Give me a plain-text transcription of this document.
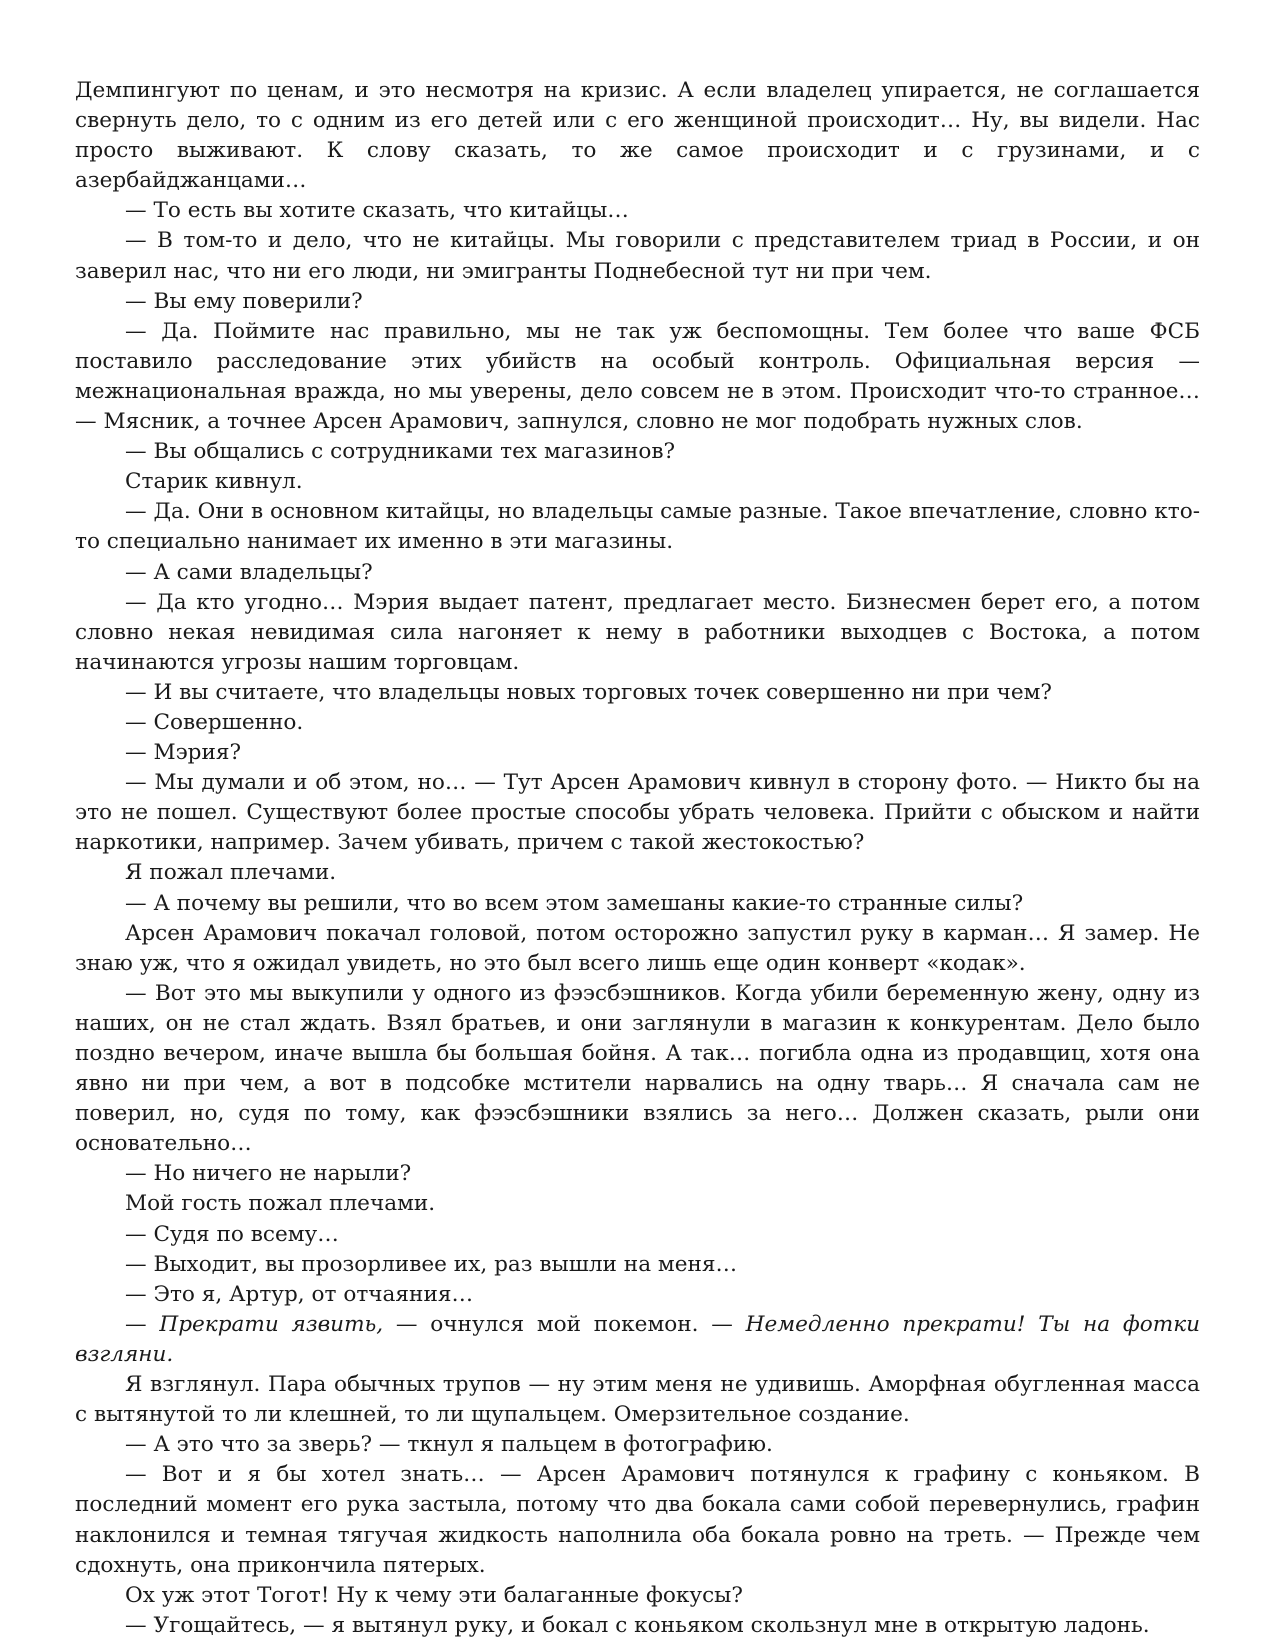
Демпингуют по ценам, и это несмотря на кризис. А если владелец упирается, не соглашается свернуть дело, то с одним из его детей или с его женщиной происходит… Ну, вы видели. Нас просто выживают. К слову сказать, то же самое происходит и с грузинами, и с азербайджанцами…

— То есть вы хотите сказать, что китайцы…

— В том-то и дело, что не китайцы. Мы говорили с представителем триад в России, и он заверил нас, что ни его люди, ни эмигранты Поднебесной тут ни при чем.

— Вы ему поверили?

— Да. Поймите нас правильно, мы не так уж беспомощны. Тем более что ваше ФСБ поставило расследование этих убийств на особый контроль. Официальная версия — межнациональная вражда, но мы уверены, дело совсем не в этом. Происходит что-то странное… — Мясник, а точнее Арсен Арамович, запнулся, словно не мог подобрать нужных слов.

— Вы общались с сотрудниками тех магазинов?

Старик кивнул.

— Да. Они в основном китайцы, но владельцы самые разные. Такое впечатление, словно кто-то специально нанимает их именно в эти магазины.

— А сами владельцы?

— Да кто угодно… Мэрия выдает патент, предлагает место. Бизнесмен берет его, а потом словно некая невидимая сила нагоняет к нему в работники выходцев с Востока, а потом начинаются угрозы нашим торговцам.

— И вы считаете, что владельцы новых торговых точек совершенно ни при чем?

— Совершенно.

— Мэрия?

— Мы думали и об этом, но… — Тут Арсен Арамович кивнул в сторону фото. — Никто бы на это не пошел. Существуют более простые способы убрать человека. Прийти с обыском и найти наркотики, например. Зачем убивать, причем с такой жестокостью?

Я пожал плечами.

— А почему вы решили, что во всем этом замешаны какие-то странные силы?

Арсен Арамович покачал головой, потом осторожно запустил руку в карман… Я замер. Не знаю уж, что я ожидал увидеть, но это был всего лишь еще один конверт «кодак».

— Вот это мы выкупили у одного из фээсбэшников. Когда убили беременную жену, одну из наших, он не стал ждать. Взял братьев, и они заглянули в магазин к конкурентам. Дело было поздно вечером, иначе вышла бы большая бойня. А так… погибла одна из продавщиц, хотя она явно ни при чем, а вот в подсобке мстители нарвались на одну тварь… Я сначала сам не поверил, но, судя по тому, как фээсбэшники взялись за него… Должен сказать, рыли они основательно…

— Но ничего не нарыли?

Мой гость пожал плечами.

— Судя по всему…

— Выходит, вы прозорливее их, раз вышли на меня…

— Это я, Артур, от отчаяния…

— Прекрати язвить, — очнулся мой покемон. — Немедленно прекрати! Ты на фотки взгляни.

Я взглянул. Пара обычных трупов — ну этим меня не удивишь. Аморфная обугленная масса с вытянутой то ли клешней, то ли щупальцем. Омерзительное создание.

— А это что за зверь? — ткнул я пальцем в фотографию.

— Вот и я бы хотел знать… — Арсен Арамович потянулся к графину с коньяком. В последний момент его рука застыла, потому что два бокала сами собой перевернулись, графин наклонился и темная тягучая жидкость наполнила оба бокала ровно на треть. — Прежде чем сдохнуть, она прикончила пятерых.

Ох уж этот Тогот! Ну к чему эти балаганные фокусы?

— Угощайтесь, — я вытянул руку, и бокал с коньяком скользнул мне в открытую ладонь.
